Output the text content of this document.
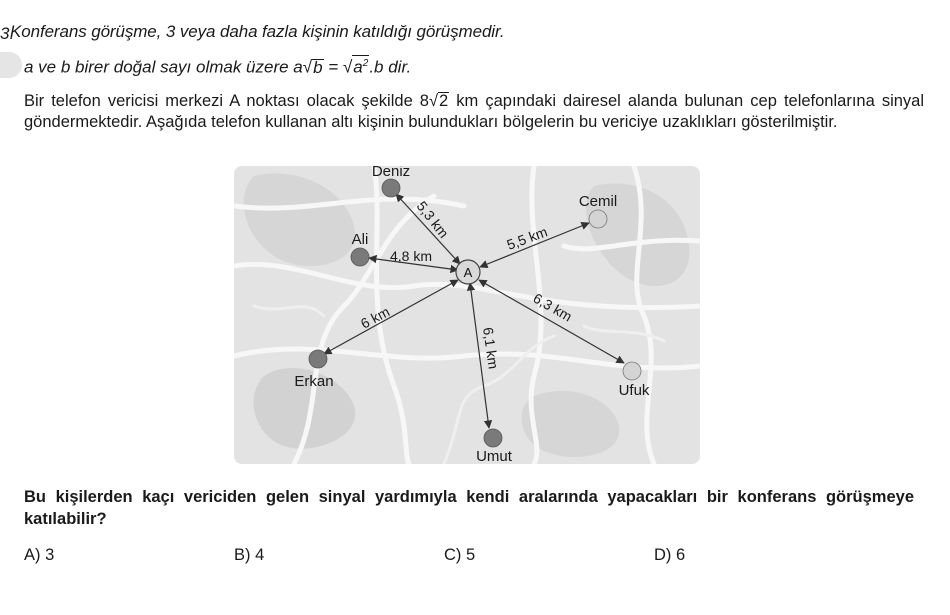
3.
Konferans görüşme, 3 veya daha fazla kişinin katıldığı görüşmedir.
a ve b birer doğal sayı olmak üzere $a√b = √a^2.b$ dir.
Bir telefon vericisi merkezi A noktası olacak şekilde 8√2 km çapındaki dairesel alanda bulunan cep telefonlarına sinyal göndermektedir. Aşağıda telefon kullanan altı kişinin bulundukları bölgelerin bu vericiye uzaklıkları gösterilmiştir.
A
Deniz
Cemil
Ali
Erkan
Umut
Ufuk
5,3 km	5,5 km
4,8 km
6 km
6,1 km
6,3 km
Bu kişilerden kaçı vericiden gelen sinyal yardımıyla kendi aralarında yapacakları bir konferans görüşmeye katılabilir?
A) 3	B) 4	C) 5	D) 6
